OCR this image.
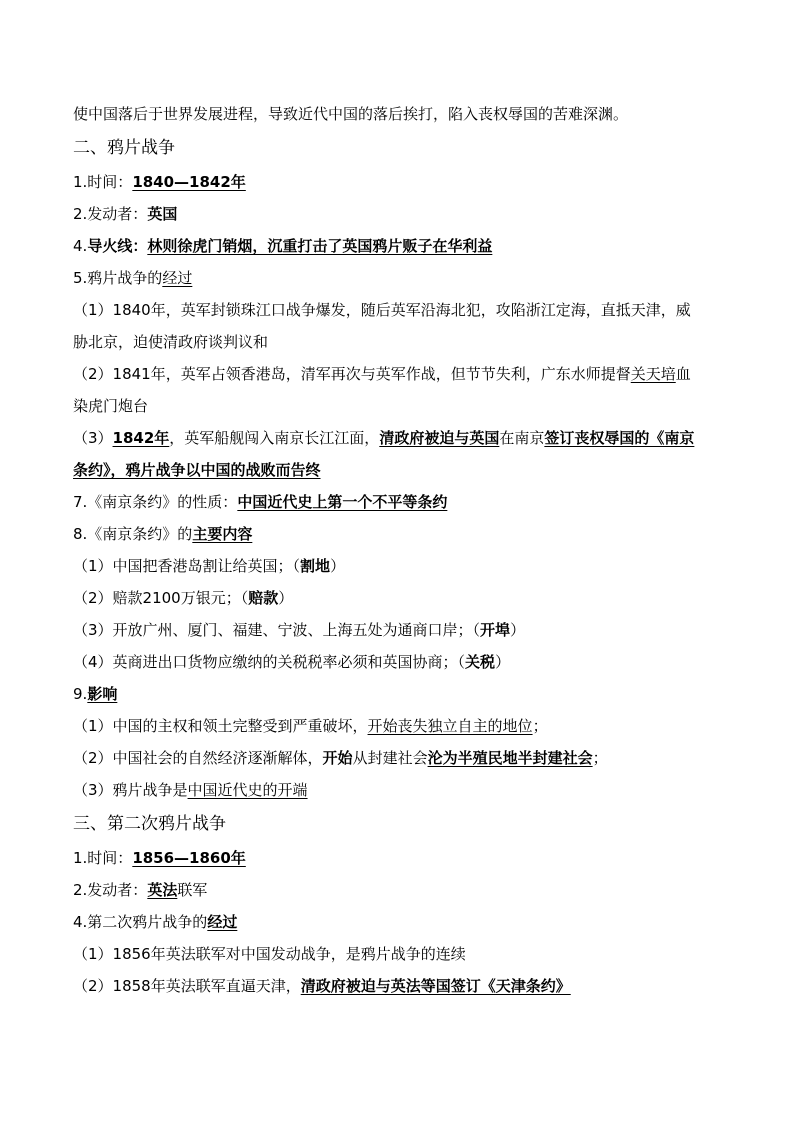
使中国落后于世界发展进程，导致近代中国的落后挨打，陷入丧权辱国的苦难深渊。
二、鸦片战争
1.时间：1840—1842年
2.发动者：英国
4.导火线：林则徐虎门销烟，沉重打击了英国鸦片贩子在华利益
5.鸦片战争的经过
（1）1840年，英军封锁珠江口战争爆发，随后英军沿海北犯，攻陷浙江定海，直抵天津，威
胁北京，迫使清政府谈判议和
（2）1841年，英军占领香港岛，清军再次与英军作战，但节节失利，广东水师提督关天培血
染虎门炮台
（3）1842年，英军船舰闯入南京长江江面，清政府被迫与英国在南京签订丧权辱国的《南京
条约》，鸦片战争以中国的战败而告终
7.《南京条约》的性质：中国近代史上第一个不平等条约
8.《南京条约》的主要内容
（1）中国把香港岛割让给英国；（割地）
（2）赔款2100万银元；（赔款）
（3）开放广州、厦门、福建、宁波、上海五处为通商口岸；（开埠）
（4）英商进出口货物应缴纳的关税税率必须和英国协商；（关税）
9.影响
（1）中国的主权和领土完整受到严重破坏，开始丧失独立自主的地位；
（2）中国社会的自然经济逐渐解体，开始从封建社会沦为半殖民地半封建社会；
（3）鸦片战争是中国近代史的开端
三、第二次鸦片战争
1.时间：1856—1860年
2.发动者：英法联军
4.第二次鸦片战争的经过
（1）1856年英法联军对中国发动战争，是鸦片战争的连续
（2）1858年英法联军直逼天津，清政府被迫与英法等国签订《天津条约》
